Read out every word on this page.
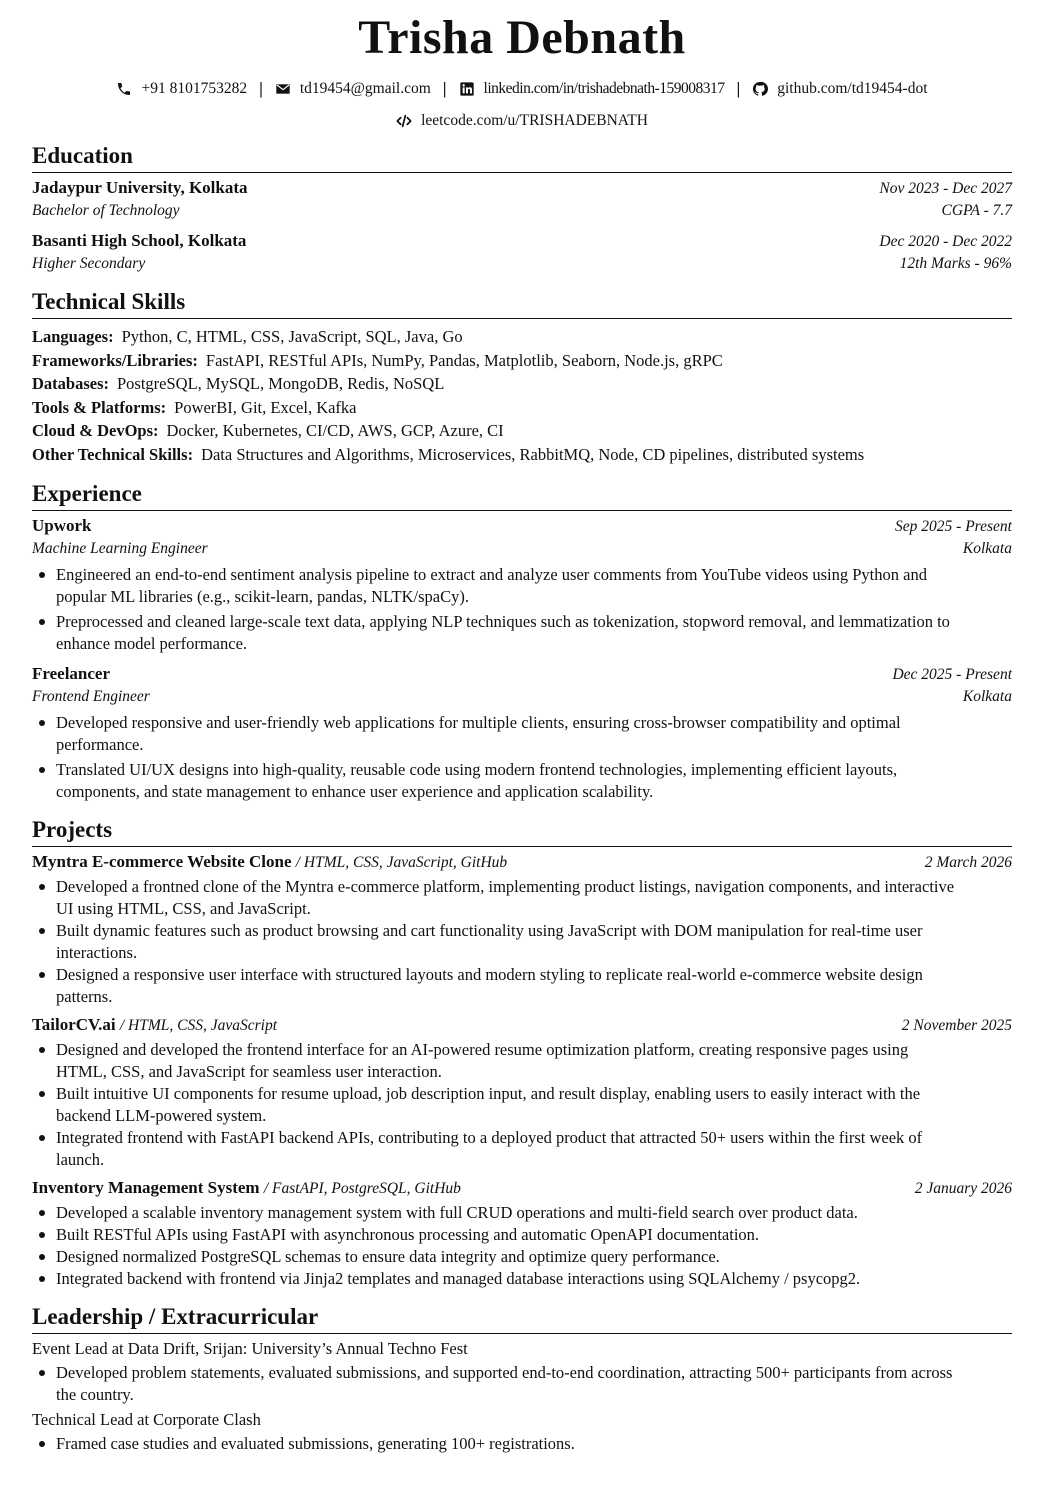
Trisha Debnath
+91 8101753282 | td19454@gmail.com | linkedin.com/in/trishadebnath-159008317 | github.com/td19454-dot
leetcode.com/u/TRISHADEBNATH
Education
Jadaypur University, Kolkata	Nov 2023 - Dec 2027
Bachelor of Technology	CGPA - 7.7
Basanti High School, Kolkata	Dec 2020 - Dec 2022
Higher Secondary	12th Marks - 96%
Technical Skills
Languages: Python, C, HTML, CSS, JavaScript, SQL, Java, Go
Frameworks/Libraries: FastAPI, RESTful APIs, NumPy, Pandas, Matplotlib, Seaborn, Node.js, gRPC
Databases: PostgreSQL, MySQL, MongoDB, Redis, NoSQL
Tools & Platforms: PowerBI, Git, Excel, Kafka
Cloud & DevOps: Docker, Kubernetes, CI/CD, AWS, GCP, Azure, CI
Other Technical Skills: Data Structures and Algorithms, Microservices, RabbitMQ, Node, CD pipelines, distributed systems
Experience
Upwork	Sep 2025 - Present
Machine Learning Engineer	Kolkata
Engineered an end-to-end sentiment analysis pipeline to extract and analyze user comments from YouTube videos using Python and popular ML libraries (e.g., scikit-learn, pandas, NLTK/spaCy).
Preprocessed and cleaned large-scale text data, applying NLP techniques such as tokenization, stopword removal, and lemmatization to enhance model performance.
Freelancer	Dec 2025 - Present
Frontend Engineer	Kolkata
Developed responsive and user-friendly web applications for multiple clients, ensuring cross-browser compatibility and optimal performance.
Translated UI/UX designs into high-quality, reusable code using modern frontend technologies, implementing efficient layouts, components, and state management to enhance user experience and application scalability.
Projects
Myntra E-commerce Website Clone / HTML, CSS, JavaScript, GitHub	2 March 2026
Developed a frontned clone of the Myntra e-commerce platform, implementing product listings, navigation components, and interactive UI using HTML, CSS, and JavaScript.
Built dynamic features such as product browsing and cart functionality using JavaScript with DOM manipulation for real-time user interactions.
Designed a responsive user interface with structured layouts and modern styling to replicate real-world e-commerce website design patterns.
TailorCV.ai / HTML, CSS, JavaScript	2 November 2025
Designed and developed the frontend interface for an AI-powered resume optimization platform, creating responsive pages using HTML, CSS, and JavaScript for seamless user interaction.
Built intuitive UI components for resume upload, job description input, and result display, enabling users to easily interact with the backend LLM-powered system.
Integrated frontend with FastAPI backend APIs, contributing to a deployed product that attracted 50+ users within the first week of launch.
Inventory Management System / FastAPI, PostgreSQL, GitHub	2 January 2026
Developed a scalable inventory management system with full CRUD operations and multi-field search over product data.
Built RESTful APIs using FastAPI with asynchronous processing and automatic OpenAPI documentation.
Designed normalized PostgreSQL schemas to ensure data integrity and optimize query performance.
Integrated backend with frontend via Jinja2 templates and managed database interactions using SQLAlchemy / psycopg2.
Leadership / Extracurricular
Event Lead at Data Drift, Srijan: University’s Annual Techno Fest
Developed problem statements, evaluated submissions, and supported end-to-end coordination, attracting 500+ participants from across the country.
Technical Lead at Corporate Clash
Framed case studies and evaluated submissions, generating 100+ registrations.
